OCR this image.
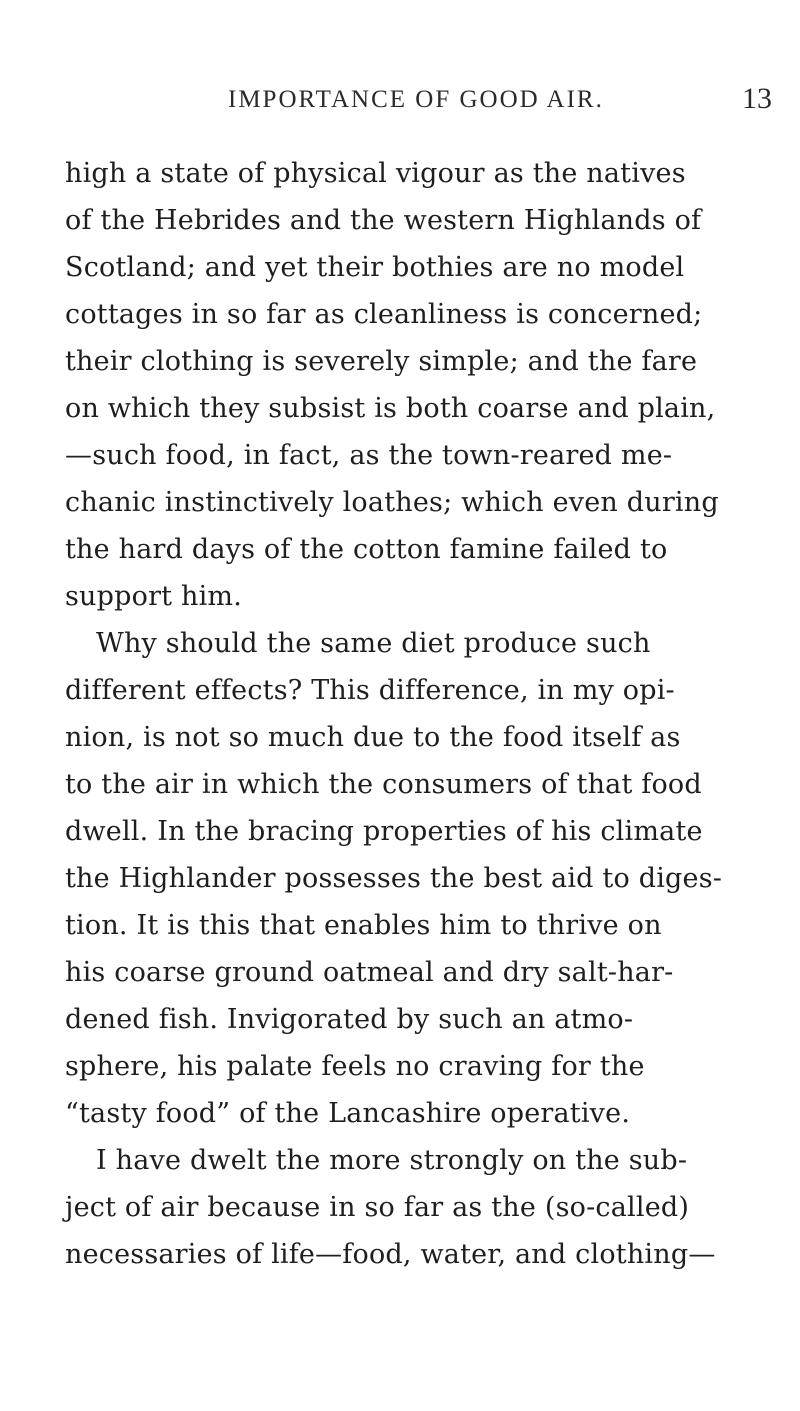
IMPORTANCE OF GOOD AIR.	13
high a state of physical vigour as the natives
of the Hebrides and the western Highlands of
Scotland; and yet their bothies are no model
cottages in so far as cleanliness is concerned;
their clothing is severely simple; and the fare
on which they subsist is both coarse and plain,
—such food, in fact, as the town-reared me-
chanic instinctively loathes; which even during
the hard days of the cotton famine failed to
support him.
Why should the same diet produce such
different effects? This difference, in my opi-
nion, is not so much due to the food itself as
to the air in which the consumers of that food
dwell. In the bracing properties of his climate
the Highlander possesses the best aid to diges-
tion. It is this that enables him to thrive on
his coarse ground oatmeal and dry salt-har-
dened fish. Invigorated by such an atmo-
sphere, his palate feels no craving for the
“tasty food” of the Lancashire operative.
I have dwelt the more strongly on the sub-
ject of air because in so far as the (so-called)
necessaries of life—food, water, and clothing—
